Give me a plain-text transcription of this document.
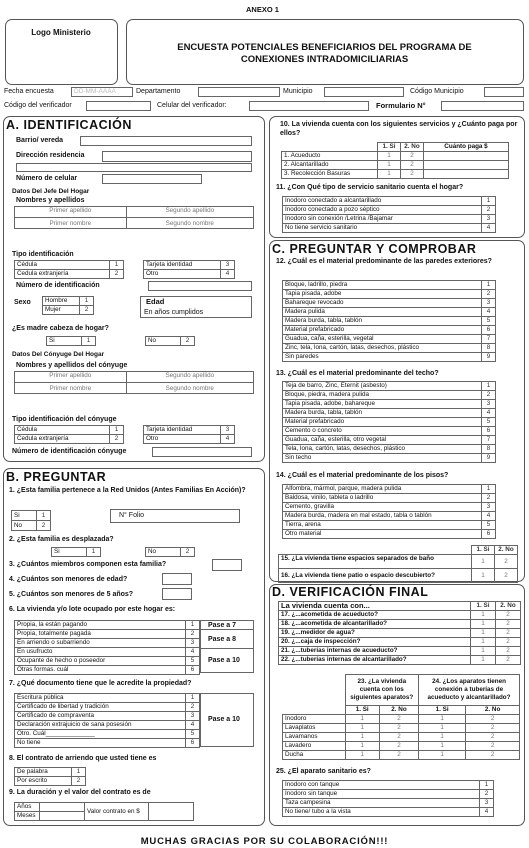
ANEXO 1
Logo Ministerio
ENCUESTA POTENCIALES BENEFICIARIOS DEL PROGRAMA DE CONEXIONES INTRADOMICILIARIAS
Fecha encuesta	DD-MM-AAAA	Departamento	Municipio	Código Municipio
Código del verificador	Celular del verificador:	Formulario N°
A. IDENTIFICACIÓN
Barrio/ vereda
Dirección residencia
Número de celular
Datos Del Jefe Del Hogar
Nombres y apellidos
Primer apellido	Segundo apellido
Primer nombre	Segundo nombre
Tipo identificación
Cédula	1
Cedula extranjería	2
Tarjeta identidad	3
Otro	4
Número de identificación
Sexo Hombre	1
Mujer	2
Edad
En años cumplidos
¿Es madre cabeza de hogar?
Si	1	No	2
Datos Del Cónyuge Del Hogar
Nombres y apellidos del cónyuge
Primer apellido	Segundo apellido
Primer nombre	Segundo nombre
Tipo identificación del cónyuge
Cédula	1
Cedula extranjería	2
Tarjeta identidad	3
Otro	4
Número de identificación cónyuge
B. PREGUNTAR
1. ¿Esta familia pertenece a la Red Unidos (Antes Familias En Acción)?
Si	1
No	2
N° Folio
2. ¿Esta familia es desplazada?
Si	1	No	2
3. ¿Cuántos miembros componen esta familia?
4. ¿Cuántos son menores de edad?
5. ¿Cuántos son menores de 5 años?
6. La vivienda y/o lote ocupado por este hogar es:
Propia, la están pagando	1
Propia, totalmente pagada	2
En arriendo o subarriendo	3
En usufructo	4
Ocupante de hecho o poseedor	5
Otras formas. cuál	6
Pase a 7
Pase a 8
Pase a 10
7. ¿Qué documento tiene que le acredite la propiedad?
Escritura pública	1
Certificado de libertad y tradición	2
Certificado de compraventa	3
Declaración extrajuicio de sana posesión	4
Otro. Cuál______________	5
No tiene	6
Pase a 10
8. El contrato de arriendo que usted tiene es
De palabra	1
Por escrito	2
9. La duración y el valor del contrato es de
Años		Valor contrato en $	
Meses			
10. La vivienda cuenta con los siguientes servicios y ¿Cuánto paga por ellos?
	1. Si	2. No	Cuánto paga $
1. Acueducto	1	2	
2. Alcantarillado	1	2	
3. Recolección Basuras	1	2	
11. ¿Con Qué tipo de servicio sanitario cuenta el hogar?
Inodoro conectado a alcantarillado	1
Inodoro conectado a pozo séptico	2
Inodoro sin conexión /Letrina /Bajamar	3
No tiene servicio sanitario	4
C. PREGUNTAR Y COMPROBAR
12. ¿Cuál es el material predominante de las paredes exteriores?
Bloque, ladrillo, piedra	1
Tapia pisada, adobe	2
Bahareque revocado	3
Madera pulida	4
Madera burda, tabla, tablón	5
Material prefabricado	6
Guadua, caña, esterilla, vegetal	7
Zinc, tela, lona, cartón, latas, desechos, plástico	8
Sin paredes	9
13. ¿Cuál es el material predominante del techo?
Teja de barro, Zinc, Eternit (asbesto)	1
Bloque, piedra, madera pulida	2
Tapia pisada, adobe, bahareque	3
Madera burda, tabla, tablón	4
Material prefabricado	5
Cemento o concreto	6
Guadua, caña, esterilla, otro vegetal	7
Tela, lona, cartón, latas, desechos, plástico	8
Sin techo	9
14. ¿Cuál es el material predominante de los pisos?
Alfombra, mármol, parque, madera pulida	1
Baldosa, vinilo, tableta o ladrillo	2
Cemento, gravilla	3
Madera burda, madera en mal estado, tabla o tablón	4
Tierra, arena	5
Otro material	6
	1. Si	2. No
15. ¿La vivienda tiene espacios separados de baño	1	2
16. ¿La vivienda tiene patio o espacio descubierto?	1	2
D. VERIFICACIÓN FINAL
La vivienda cuenta con...	1. Si	2. No
17. ¿...acometida de acueducto?	1	2
18. ¿...acometida de alcantarillado?	1	2
19. ¿...medidor de agua?	1	2
20. ¿...caja de inspección?	1	2
21. ¿...tuberías internas de acueducto?	1	2
22. ¿...tuberías internas de alcantarillado?	1	2
	23. ¿La vivienda cuenta con los siguientes aparatos?		24. ¿Los aparatos tienen conexión a tuberías de acueducto y alcantarillado?	
	1. Si	2. No	1. Si	2. No
Inodoro	1	2	1	2
Lavaplatos	1	2	1	2
Lavamanos	1	2	1	2
Lavadero	1	2	1	2
Ducha	1	2	1	2
25. ¿El aparato sanitario es?
Inodoro con tanque	1
Inodoro sin tanque	2
Taza campesina	3
No tiene/ tubo a la vista	4
MUCHAS GRACIAS POR SU COLABORACIÓN!!!
